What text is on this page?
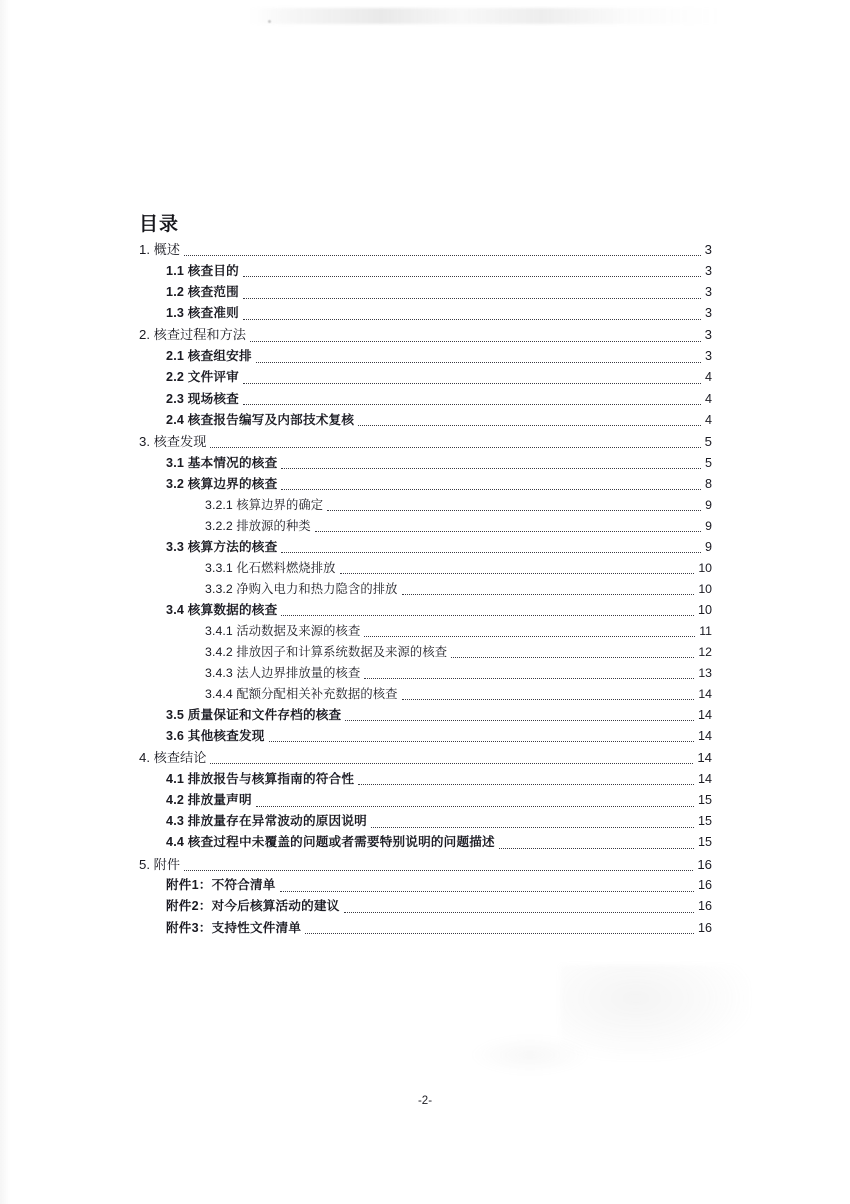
目录
1. 概述	3
1.1 核查目的	3
1.2 核查范围	3
1.3 核查准则	3
2. 核查过程和方法	3
2.1 核查组安排	3
2.2 文件评审	4
2.3 现场核查	4
2.4 核查报告编写及内部技术复核	4
3. 核查发现	5
3.1 基本情况的核查	5
3.2 核算边界的核查	8
3.2.1 核算边界的确定	9
3.2.2 排放源的种类	9
3.3 核算方法的核查	9
3.3.1 化石燃料燃烧排放	10
3.3.2 净购入电力和热力隐含的排放	10
3.4 核算数据的核查	10
3.4.1 活动数据及来源的核查	11
3.4.2 排放因子和计算系统数据及来源的核查	12
3.4.3 法人边界排放量的核查	13
3.4.4 配额分配相关补充数据的核查	14
3.5 质量保证和文件存档的核查	14
3.6 其他核查发现	14
4. 核查结论	14
4.1 排放报告与核算指南的符合性	14
4.2 排放量声明	15
4.3 排放量存在异常波动的原因说明	15
4.4 核查过程中未覆盖的问题或者需要特别说明的问题描述	15
5. 附件	16
附件1：不符合清单	16
附件2：对今后核算活动的建议	16
附件3：支持性文件清单	16
-2-
